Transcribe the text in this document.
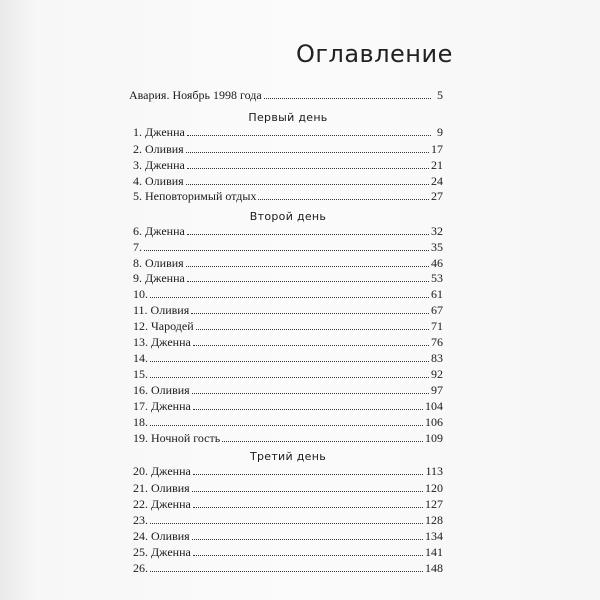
Оглавление
Авария. Ноябрь 1998 года	5
Первый день
1. Дженна	9
2. Оливия	17
3. Дженна	21
4. Оливия	24
5. Неповторимый отдых	27
Второй день
6. Дженна	32
7.	35
8. Оливия	46
9. Дженна	53
10.	61
11. Оливия	67
12. Чародей	71
13. Дженна	76
14.	83
15.	92
16. Оливия	97
17. Дженна	104
18.	106
19. Ночной гость	109
Третий день
20. Дженна	113
21. Оливия	120
22. Дженна	127
23.	128
24. Оливия	134
25. Дженна	141
26.	148
